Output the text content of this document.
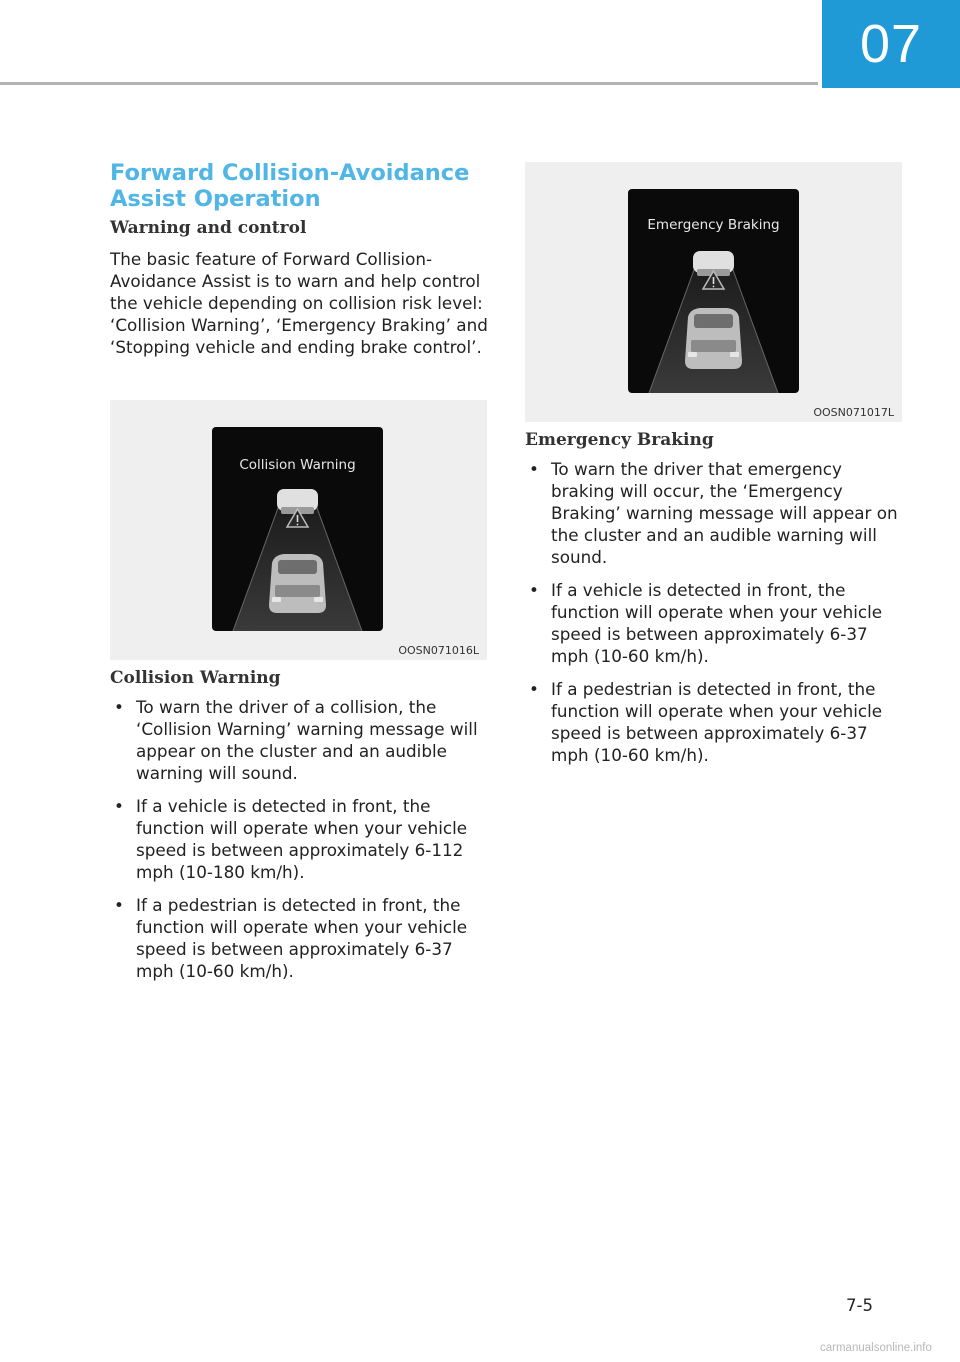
07
Forward Collision-Avoidance Assist Operation
Warning and control

The basic feature of Forward Collision-Avoidance Assist is to warn and help control the vehicle depending on collision risk level: ‘Collision Warning’, ‘Emergency Braking’ and ‘Stopping vehicle and ending brake control’.

Collision Warning
OOSN071016L
Collision Warning
• To warn the driver of a collision, the ‘Collision Warning’ warning message will appear on the cluster and an audible warning will sound.
• If a vehicle is detected in front, the function will operate when your vehicle speed is between approximately 6-112 mph (10-180 km/h).
• If a pedestrian is detected in front, the function will operate when your vehicle speed is between approximately 6-37 mph (10-60 km/h).
Emergency Braking
OOSN071017L
Emergency Braking
• To warn the driver that emergency braking will occur, the ‘Emergency Braking’ warning message will appear on the cluster and an audible warning will sound.
• If a vehicle is detected in front, the function will operate when your vehicle speed is between approximately 6-37 mph (10-60 km/h).
• If a pedestrian is detected in front, the function will operate when your vehicle speed is between approximately 6-37 mph (10-60 km/h).
7-5
carmanualsonline.info
